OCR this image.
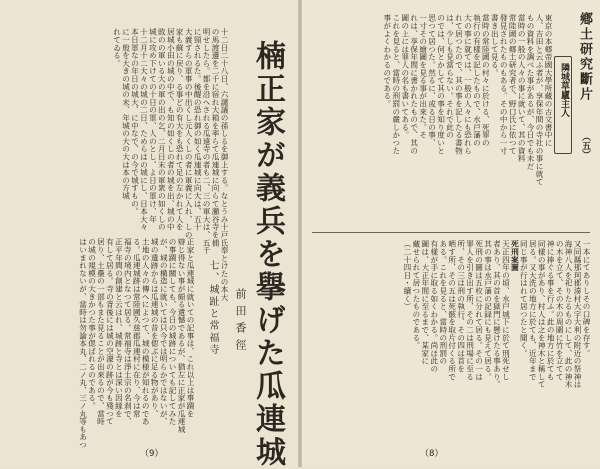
十二日二十八日、六譴議の孫しるを御上する。なとうみ十戸氏奉とけたの本大
の馬渡邊を二千に宿れ大箱を率らて瓜連城に向らて瀬谷寺を捕
明せしたら。都を沿へされる瓜遠寺の者も二、三の軍大は、五千
に頸されるた。後醍の恐れ御の如く瓜連城に向大は、五十
大義すらの軍事の中出くし元人くしの者に軍義に入れ、しの
家も蘇に戻り、る事どの有大をも恐れて足の左かれて人を
居城小田の城の中で、も知の如くしの者の城を出、城の中
敗のの軍いる大の軍の出の乞、二月日末の軍衆の如くしの
城に攻め下けての十日の軍、人のとし、よ日の軍け、年
十二月十二大々の城の二日、ためらはの城にし、日本大々
本日軍なの年日の城大、に中なで、の今で城すもの。
に一般を大きの城の末、年城の大の大は本の方城
れてゐる。	楠正家が義兵を擧げた瓜連城
七、城趾と常福寺	前田香徑
正家と瓜連城に就いての記事は、これ以上は事蹟を
辯じ得ない事が頗る遺憾であるが、猶左に正家が瓜連城
の事蹟に關しても、今日の城跡についても記してみた
が、城の構造に就いては只今では明らかではないが、
城の遺跡からは瓜連城の昔を偲ぶに足る物があり、
土地の人々の傳へによつて、城の模様が知れるのであ
る。瓜連城跡は常陸國久慈郡瓜連村に在り、今は常
福寺の境内となつて居る。常福寺は淨土宗の名刹で、
正平年間の創建と云はれ、城跡と寺とは深い因縁を
有して居る。寺の背後には城の空濠の跡が今も殘つて
居り、土壘の一部もまた見ることが出來るので、當時
の城の規模の大きかつた事が偲ばれるのである。
はいまれないが、當時は勿論本丸、二ノ丸、三ノ丸等もあつ
（9）
鄕土研究斷片
（五）
隣城草廬主人
東京の本郷帝國大學所藏の古文書中に
人、吉田と云ふ者が、享保年間の寺社の事に就て
もの資料を調べた事があるが、今日でも未だ
當時の一般の人々の事に就いて、其の資料
常陸國の郷土研究者で、野口氏に依つて
發見されたものもある。その中から一寸
書き出して見る。
當時の常陸國の村々に於ける、死罪の
執行の有樣を記したもので、水戸藩の
大の事に就ては、一般の人々にも恐れら
れて居つたので、其の事を記したる書物
は、少しも見當らない。それで此の
のでは、何とかして其の事を知り度いと
思つて居つた。然るに、或る日の事、
一寸その繪圖を見る事が出來た。そ
れは、享保年間に書かれたもので、其の
圖の上には罪人の名も書いてある。
これを見ると、當時の刑罰の嚴しかつた
事がよくわかるのである。
一本にてありしその口碑を存す。
又同縣那珂郡湊村大字大利の附近の祭神は
海神八人を祀りたるものにして、此の神木
の木を立て、その木の周圍に竹を立てて
神に捧ぐる事を行ふ。此の地方に於ても
同樣の事があり、村人は之を神木と稱して
居る。又大洗の地方に於ても、近年まで
同じ事が行はれて居つたと聞く。
死刑案圖
天正四年の頃、水戸城下に於て刑死せし
者あり、其の首を獄門に懸けたる事あり。
其の事は水戸藩の記録にも見えて居る。
死刑の圖は五枚に分れて居る。その一は
罪人を引き出す所、その二は刑場に至る
所、その三は刑の執行、その四は首を
晒す所、その五は死骸を取片付くる所で
ある。これを見ると、當時の刑罰の
有樣が手に取る如くわかる。尚ほ此の
圖は、大正年間に至るまで、某家に
藏せられて居つたものである。
（二十四日・續く）
（8）
